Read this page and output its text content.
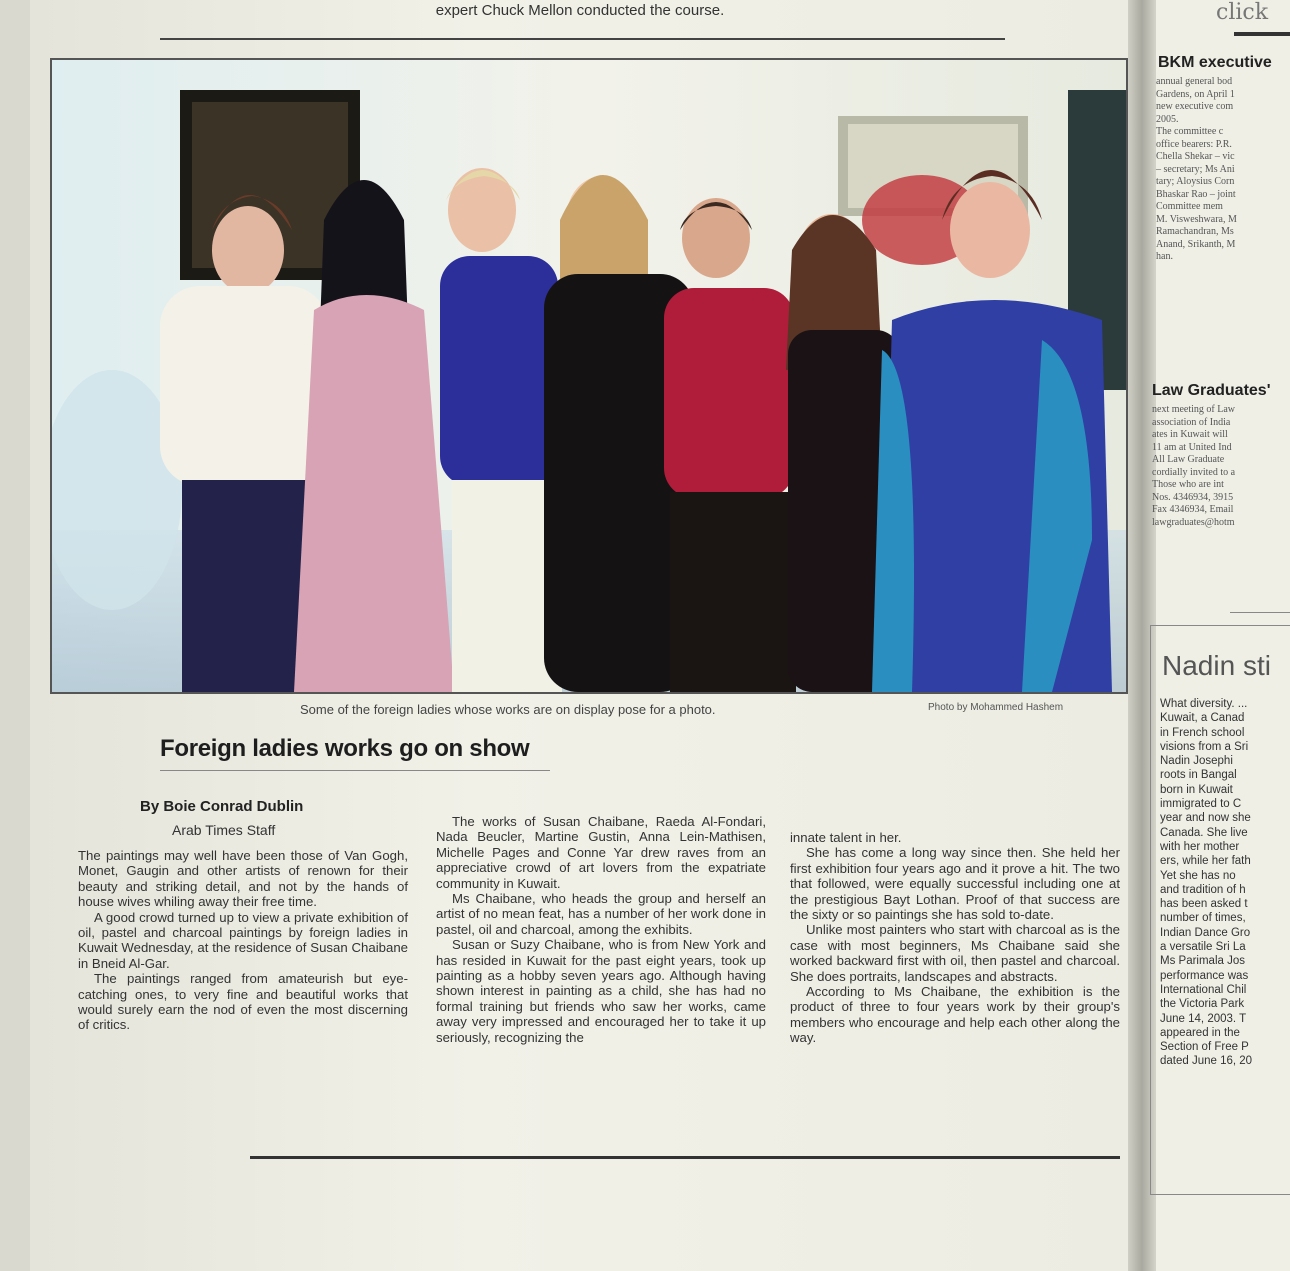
click
expert Chuck Mellon conducted the course.
Some of the foreign ladies whose works are on display pose for a photo.	Photo by Mohammed Hashem
Foreign ladies works go on show
By Boie Conrad Dublin
Arab Times Staff

The paintings may well have been those of Van Gogh, Monet, Gaugin and other artists of renown for their beauty and striking detail, and not by the hands of house wives whiling away their free time.

A good crowd turned up to view a private exhibition of oil, pastel and charcoal paintings by foreign ladies in Kuwait Wednesday, at the residence of Susan Chaibane in Bneid Al-Gar.

The paintings ranged from amateurish but eye-catching ones, to very fine and beautiful works that would surely earn the nod of even the most discerning of critics.

The works of Susan Chaibane, Raeda Al-Fondari, Nada Beucler, Martine Gustin, Anna Lein-Mathisen, Michelle Pages and Conne Yar drew raves from an appreciative crowd of art lovers from the expatriate community in Kuwait.

Ms Chaibane, who heads the group and herself an artist of no mean feat, has a number of her work done in pastel, oil and charcoal, among the exhibits.

Susan or Suzy Chaibane, who is from New York and has resided in Kuwait for the past eight years, took up painting as a hobby seven years ago. Although having shown interest in painting as a child, she has had no formal training but friends who saw her works, came away very impressed and encouraged her to take it up seriously, recognizing the

innate talent in her.

She has come a long way since then. She held her first exhibition four years ago and it prove a hit. The two that followed, were equally successful including one at the prestigious Bayt Lothan. Proof of that success are the sixty or so paintings she has sold to-date.

Unlike most painters who start with charcoal as is the case with most beginners, Ms Chaibane said she worked backward first with oil, then pastel and charcoal. She does portraits, landscapes and abstracts.

According to Ms Chaibane, the exhibition is the product of three to four years work by their group's members who encourage and help each other along the way.

BKM executive
annual general bod
Gardens, on April 1
new executive com
2005.
The committee c
office bearers: P.R.
Chella Shekar – vic
– secretary; Ms Ani
tary; Aloysius Corn
Bhaskar Rao – joint
Committee mem
M. Visweshwara, M
Ramachandran, Ms
Anand, Srikanth, M
han.
Law Graduates'
next meeting of Law
association of India
ates in Kuwait will
11 am at United Ind
All Law Graduate
cordially invited to a
Those who are int
Nos. 4346934, 3915
Fax 4346934, Email
lawgraduates@hotm
Nadin sti
What diversity. ...
Kuwait, a Canad
in French school
visions from a Sri
Nadin Josephi
roots in Bangal
born in Kuwait
immigrated to C
year and now she
Canada. She live
with her mother
ers, while her fath
Yet she has no
and tradition of h
has been asked t
number of times,
Indian Dance Gro
a versatile Sri La
Ms Parimala Jos
performance was
International Chil
the Victoria Park
June 14, 2003. T
appeared in the
Section of Free P
dated June 16, 20
